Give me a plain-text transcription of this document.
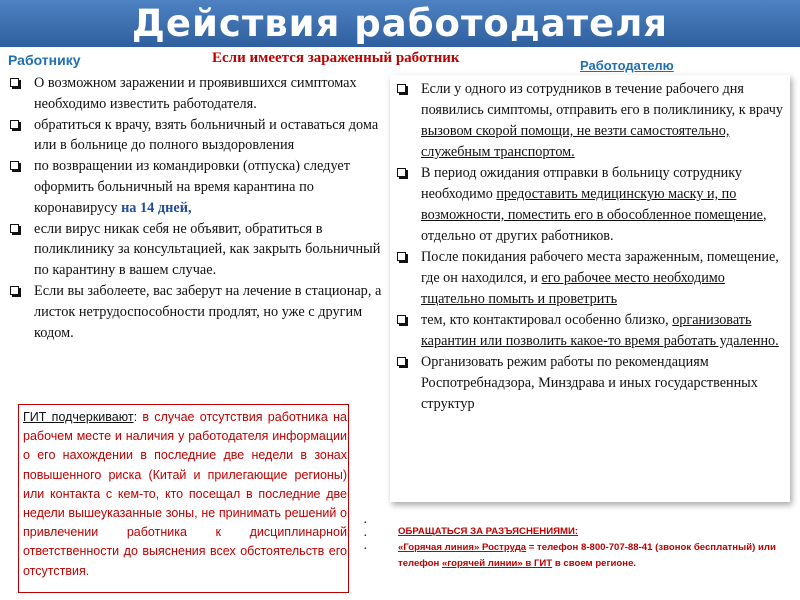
Действия работодателя
Работнику	Если имеется зараженный работник	Работодателю
О возможном заражении и проявившихся симптомах необходимо известить работодателя.
обратиться к врачу, взять больничный и оставаться дома или в больнице до полного выздоровления
по возвращении из командировки (отпуска) следует оформить больничный на время карантина по коронавирусу на 14 дней,
если вирус никак себя не объявит, обратиться в поликлинику за консультацией, как закрыть больничный по карантину в вашем случае.
Если вы заболеете, вас заберут на лечение в стационар, а листок нетрудоспособности продлят, но уже с другим кодом.
Если у одного из сотрудников в течение рабочего дня появились симптомы, отправить его в поликлинику, к врачу вызовом скорой помощи, не везти самостоятельно, служебным транспортом.
В период ожидания отправки в больницу сотруднику необходимо предоставить медицинскую маску и, по возможности, поместить его в обособленное помещение, отдельно от других работников.
После покидания рабочего места зараженным, помещение, где он находился, и его рабочее место необходимо тщательно помыть и проветрить
тем, кто контактировал особенно близко, организовать карантин или позволить какое-то время работать удаленно.
Организовать режим работы по рекомендациям Роспотребнадзора, Минздрава и иных государственных структур
ГИТ подчеркивают: в случае отсутствия работника на рабочем месте и наличия у работодателя информации о его нахождении в последние две недели в зонах повышенного риска (Китай и прилегающие регионы) или контакта с кем-то, кто посещал в последние две недели вышеуказанные зоны, не принимать решений о привлечении работника к дисциплинарной ответственности до выяснения всех обстоятельств его отсутствия.
·
·
·
ОБРАЩАТЬСЯ ЗА РАЗЪЯСНЕНИЯМИ:
«Горячая линия» Роструда = телефон 8-800-707-88-41 (звонок бесплатный) или
телефон «горячей линии» в ГИТ в своем регионе.
